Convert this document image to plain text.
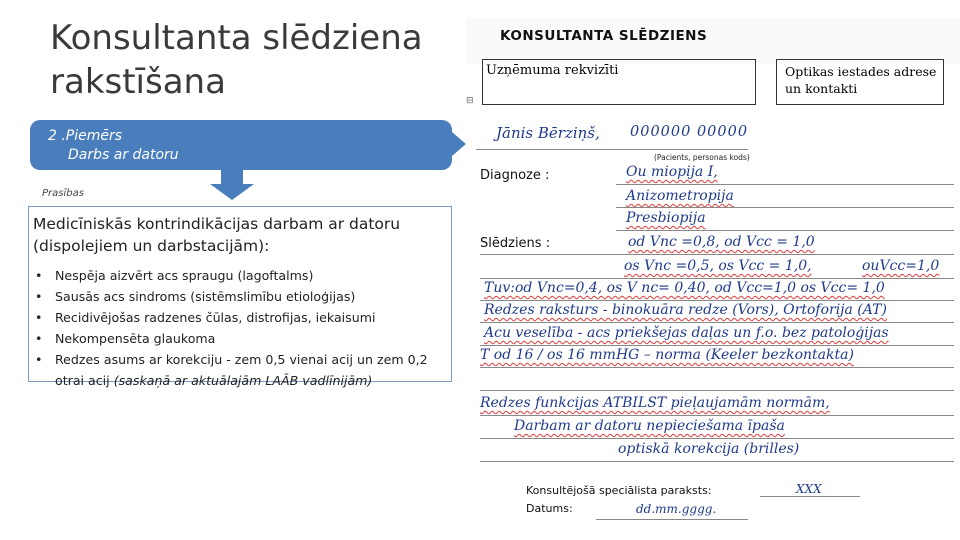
Konsultanta slēdziena rakstīšana
2 .Piemērs
Darbs ar datoru
Prasības

Medicīniskās kontrindikācijas darbam ar datoru (dispolejiem un darbstacijām):

• Nespēja aizvērt acs spraugu (lagoftalms)
• Sausās acs sindroms (sistēmslimību etioloģijas)
• Recidivējošas radzenes čūlas, distrofijas, iekaisumi
• Nekompensēta glaukoma
• Redzes asums ar korekciju - zem 0,5 vienai acij un zem 0,2 otrai acij (saskaņā ar aktuālajām LAĀB vadlīnijām)
KONSULTANTA SLĒDZIENS
Uzņēmuma rekvizīti	Optikas iestades adrese
un kontakti
⊟
Jānis Bērziņš, 000000 00000
(Pacients, personas kods)
Diagnoze :	Ou miopija I,
Anizometropija
Presbiopija
Slēdziens :	od Vnc =0,8, od Vcc = 1,0
os Vnc =0,5, os Vcc = 1,0,	ouVcc=1,0
Tuv:od Vnc=0,4, os V nc= 0,40, od Vcc=1,0 os Vcc= 1,0
Redzes raksturs - binokuāra redze (Vors), Ortoforija (AT)
Acu veselība - acs priekšejas daļas un f.o. bez patoloģijas
T od 16 / os 16 mmHG – norma (Keeler bezkontakta)
Redzes funkcijas ATBILST pieļaujamām normām,
Darbam ar datoru nepieciešama īpaša
optiskā korekcija (brilles)
Konsultējošā speciālista paraksts:	XXX
Datums:	dd.mm.gggg.
